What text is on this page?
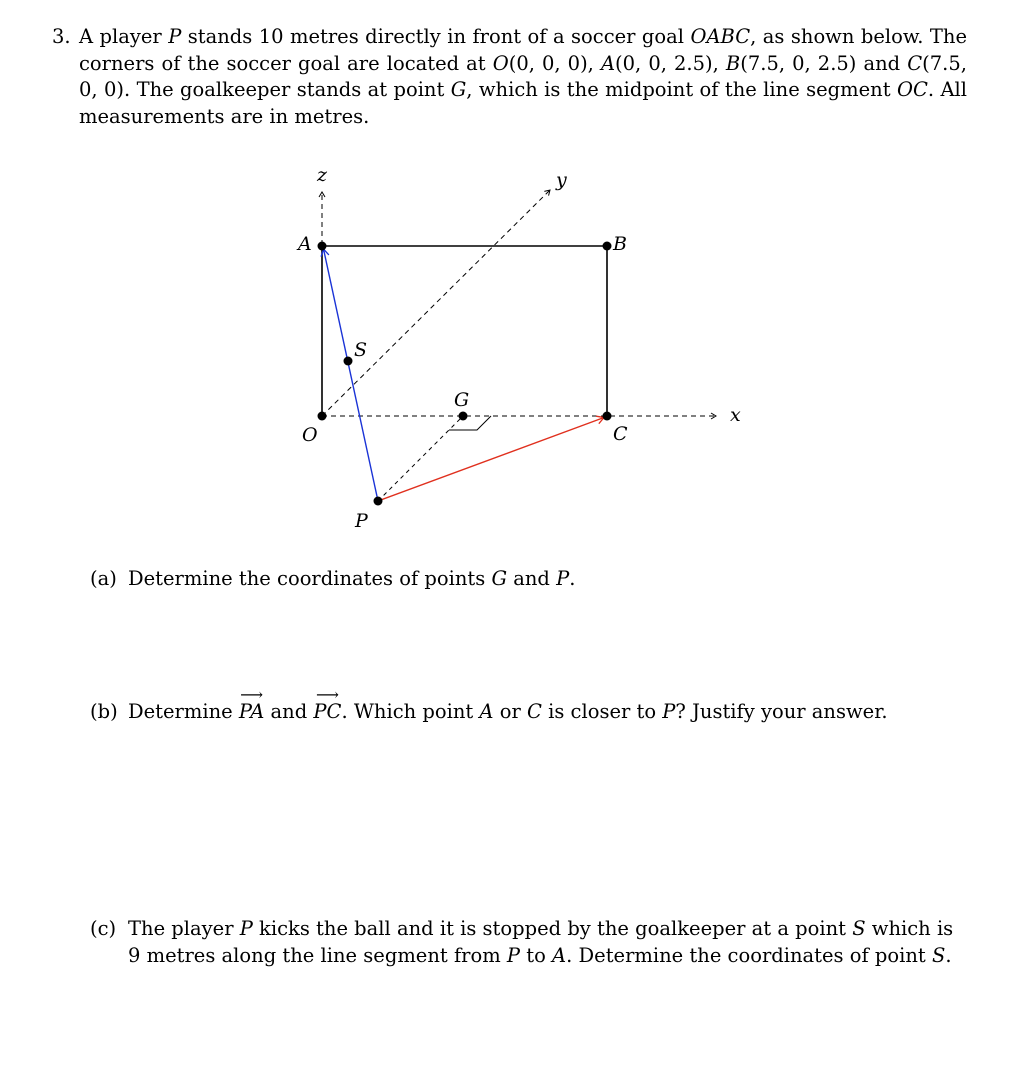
3. A player P stands 10 metres directly in front of a soccer goal OABC, as shown below. The corners of the soccer goal are located at O(0, 0, 0), A(0, 0, 2.5), B(7.5, 0, 2.5) and C(7.5, 0, 0). The goalkeeper stands at point G, which is the midpoint of the line segment OC. All measurements are in metres.
z	y
x
A	B
O	C
S
G
P
(a) Determine the coordinates of points G and P.
(b) Determine ⟶ PA and ⟶ PC. Which point A or C is closer to P? Justify your answer.
(c) The player P kicks the ball and it is stopped by the goalkeeper at a point S which is 9 metres along the line segment from P to A. Determine the coordinates of point S.
